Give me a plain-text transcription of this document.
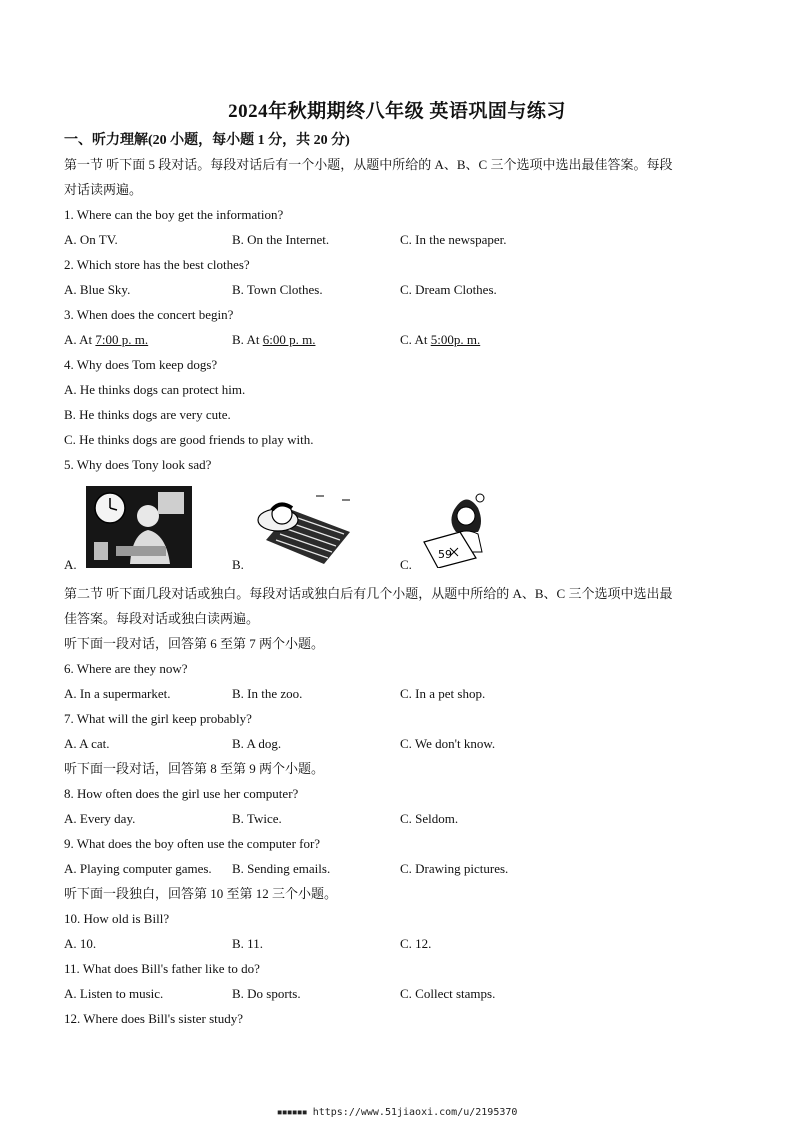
2024年秋期期终八年级 英语巩固与练习
一、听力理解(20 小题，每小题 1 分，共 20 分)
第一节 听下面 5 段对话。每段对话后有一个小题，从题中所给的 A、B、C 三个选项中选出最佳答案。每段
对话读两遍。
1. Where can the boy get the information?
A. On TV.	B. On the Internet.	C. In the newspaper.
2. Which store has the best clothes?
A. Blue Sky.	B. Town Clothes.	C. Dream Clothes.
3. When does the concert begin?
A. At 7:00 p. m.	B. At 6:00 p. m.	C. At 5:00p. m.
4. Why does Tom keep dogs?
A. He thinks dogs can protect him.
B. He thinks dogs are very cute.
C. He thinks dogs are good friends to play with.
5. Why does Tony look sad?
A.	B.
59
C.
第二节 听下面几段对话或独白。每段对话或独白后有几个小题，从题中所给的 A、B、C 三个选项中选出最
佳答案。每段对话或独白读两遍。
听下面一段对话，回答第 6 至第 7 两个小题。
6. Where are they now?
A. In a supermarket.	B. In the zoo.	C. In a pet shop.
7. What will the girl keep probably?
A. A cat.	B. A dog.	C. We don't know.
听下面一段对话，回答第 8 至第 9 两个小题。
8. How often does the girl use her computer?
A. Every day.	B. Twice.	C. Seldom.
9. What does the boy often use the computer for?
A. Playing computer games. B. Sending emails.	C. Drawing pictures.
听下面一段独白，回答第 10 至第 12 三个小题。
10. How old is Bill?
A. 10.	B. 11.	C. 12.
11. What does Bill's father like to do?
A. Listen to music.	B. Do sports.	C. Collect stamps.
12. Where does Bill's sister study?
▪▪▪▪▪▪ https://www.51jiaoxi.com/u/2195370
